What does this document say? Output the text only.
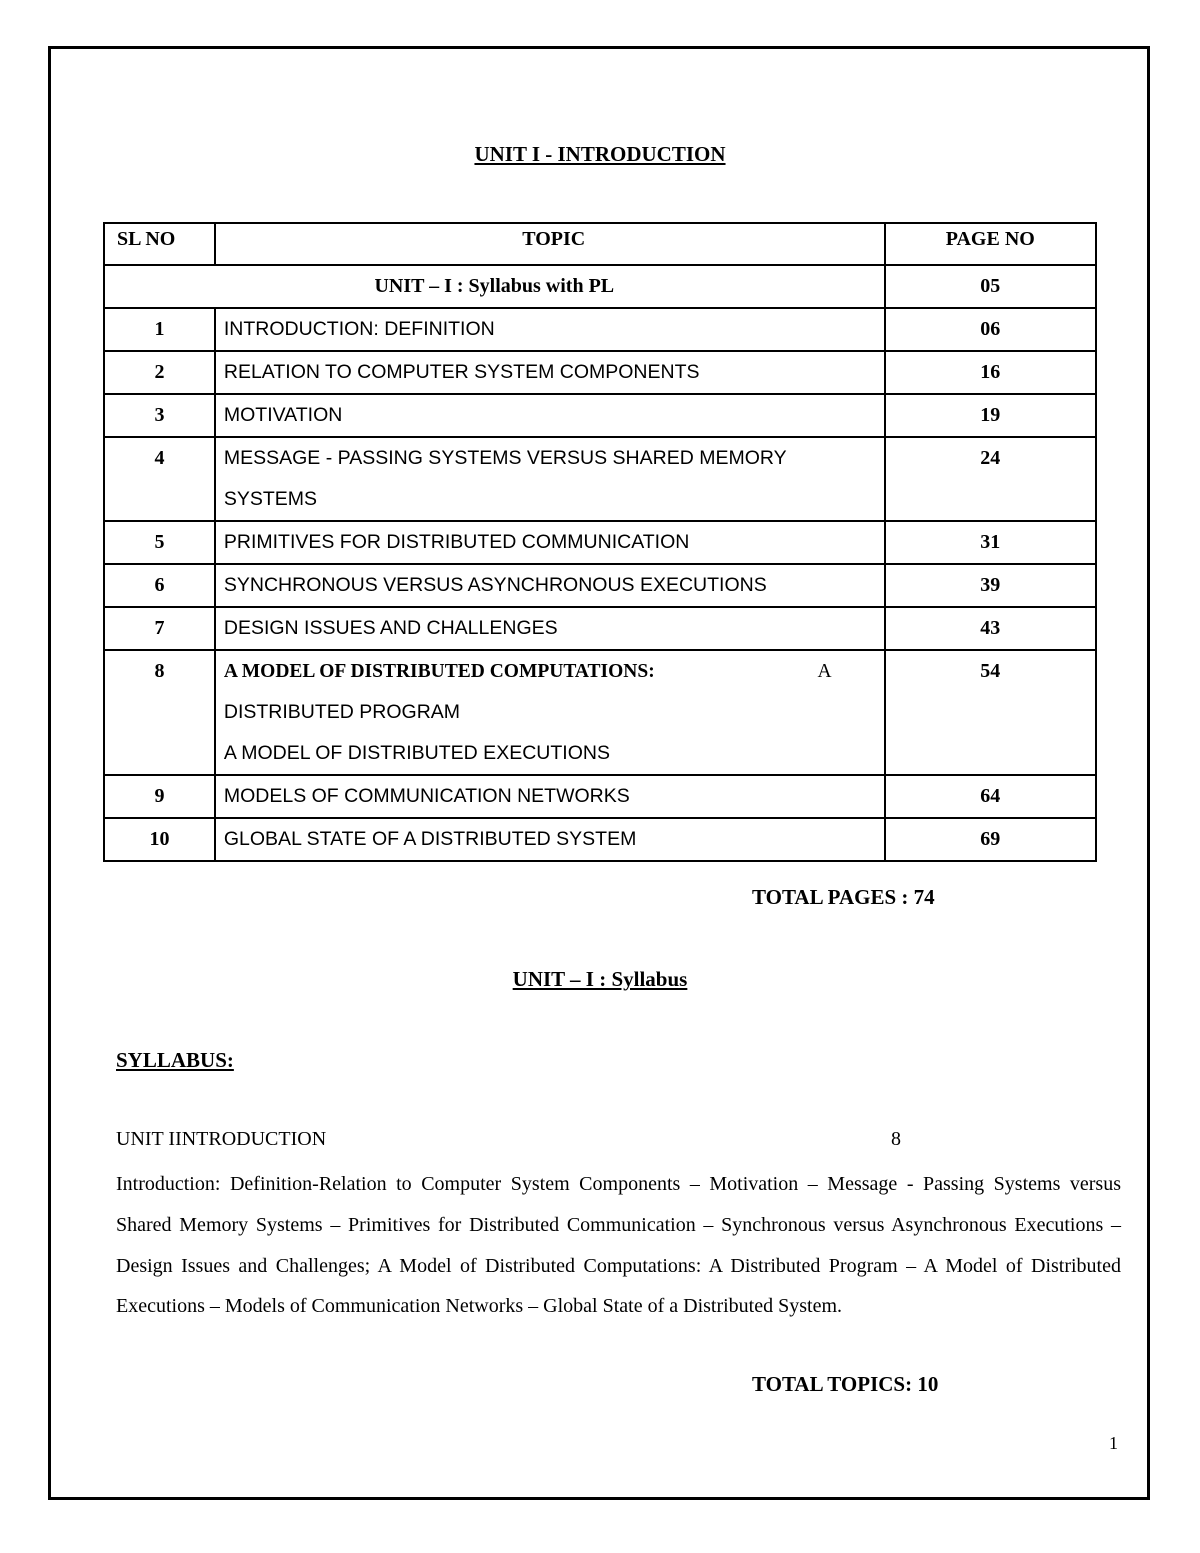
UNIT I - INTRODUCTION
SL NO	TOPIC	PAGE NO
UNIT – I : Syllabus with PL		05
1	INTRODUCTION: DEFINITION	06
2	RELATION TO COMPUTER SYSTEM COMPONENTS	16
3	MOTIVATION	19
4	MESSAGE - PASSING SYSTEMS VERSUS SHARED MEMORY
SYSTEMS	24
5	PRIMITIVES FOR DISTRIBUTED COMMUNICATION	31
6	SYNCHRONOUS VERSUS ASYNCHRONOUS EXECUTIONS	39
7	DESIGN ISSUES AND CHALLENGES	43
8	A MODEL OF DISTRIBUTED COMPUTATIONS: A
DISTRIBUTED PROGRAM
A MODEL OF DISTRIBUTED EXECUTIONS	54
9	MODELS OF COMMUNICATION NETWORKS	64
10	GLOBAL STATE OF A DISTRIBUTED SYSTEM	69
TOTAL PAGES : 74
UNIT – I : Syllabus
SYLLABUS:
UNIT IINTRODUCTION	8
Introduction: Definition-Relation to Computer System Components – Motivation – Message - Passing Systems versus Shared Memory Systems – Primitives for Distributed Communication – Synchronous versus Asynchronous Executions – Design Issues and Challenges; A Model of Distributed Computations: A Distributed Program – A Model of Distributed Executions – Models of Communication Networks – Global State of a Distributed System.
TOTAL TOPICS: 10
1
